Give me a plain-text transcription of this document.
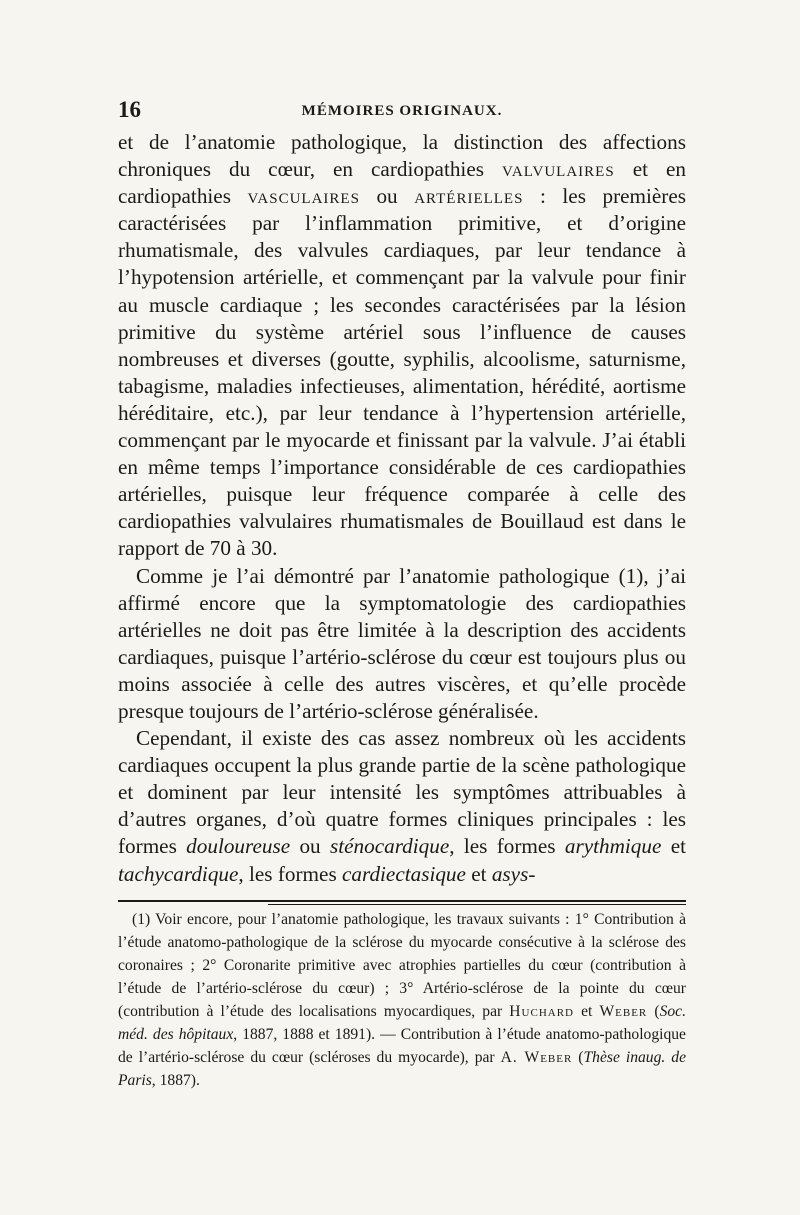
16	MÉMOIRES ORIGINAUX.

et de l’anatomie pathologique, la distinction des affections chroniques du cœur, en cardiopathies valvulaires et en cardiopathies vasculaires ou artérielles : les premières caractérisées par l’inflammation primitive, et d’origine rhumatismale, des valvules cardiaques, par leur tendance à l’hypotension artérielle, et commençant par la valvule pour finir au muscle cardiaque ; les secondes caractérisées par la lésion primitive du système artériel sous l’influence de causes nombreuses et diverses (goutte, syphilis, alcoolisme, saturnisme, tabagisme, maladies infectieuses, alimentation, hérédité, aortisme héréditaire, etc.), par leur tendance à l’hypertension artérielle, commençant par le myocarde et finissant par la valvule. J’ai établi en même temps l’importance considérable de ces cardiopathies artérielles, puisque leur fréquence comparée à celle des cardiopathies valvulaires rhumatismales de Bouillaud est dans le rapport de 70 à 30.

Comme je l’ai démontré par l’anatomie pathologique (1), j’ai affirmé encore que la symptomatologie des cardiopathies artérielles ne doit pas être limitée à la description des accidents cardiaques, puisque l’artério-sclérose du cœur est toujours plus ou moins associée à celle des autres viscères, et qu’elle procède presque toujours de l’artério-sclérose généralisée.

Cependant, il existe des cas assez nombreux où les accidents cardiaques occupent la plus grande partie de la scène pathologique et dominent par leur intensité les symptômes attribuables à d’autres organes, d’où quatre formes cliniques principales : les formes douloureuse ou sténocardique, les formes arythmique et tachycardique, les formes cardiectasique et asys-

(1) Voir encore, pour l’anatomie pathologique, les travaux suivants : 1° Contribution à l’étude anatomo-pathologique de la sclérose du myocarde consécutive à la sclérose des coronaires ; 2° Coronarite primitive avec atrophies partielles du cœur (contribution à l’étude de l’artério-sclérose du cœur) ; 3° Artério-sclérose de la pointe du cœur (contribution à l’étude des localisations myocardiques, par Huchard et Weber (Soc. méd. des hôpitaux, 1887, 1888 et 1891). — Contribution à l’étude anatomo-pathologique de l’artério-sclérose du cœur (scléroses du myocarde), par A. Weber (Thèse inaug. de Paris, 1887).
